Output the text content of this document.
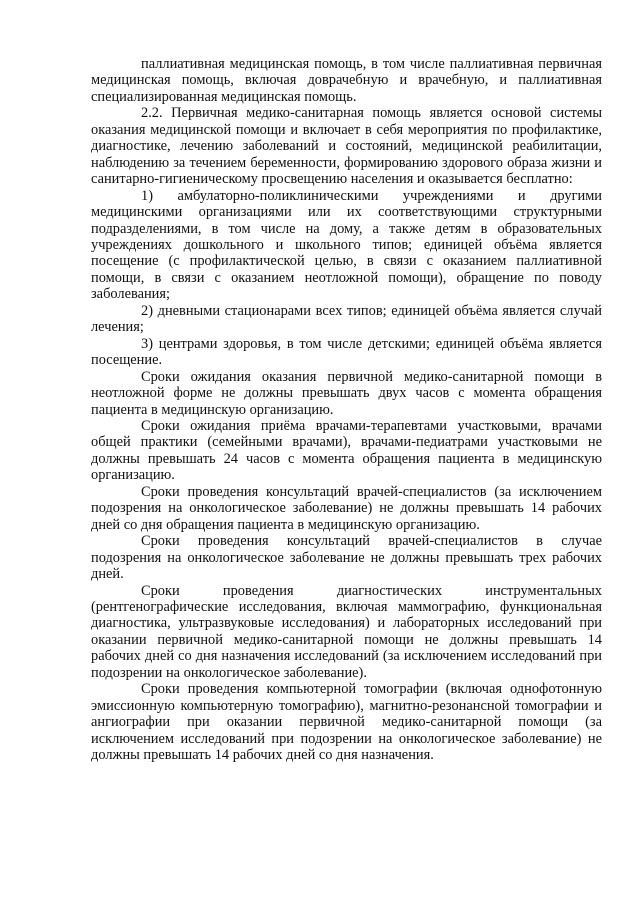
паллиативная медицинская помощь, в том числе паллиативная первичная медицинская помощь, включая доврачебную и врачебную, и паллиативная специализированная медицинская помощь.

2.2. Первичная медико-санитарная помощь является основой системы оказания медицинской помощи и включает в себя мероприятия по профилактике, диагностике, лечению заболеваний и состояний, медицинской реабилитации, наблюдению за течением беременности, формированию здорового образа жизни и санитарно-гигиеническому просвещению населения и оказывается бесплатно:

1) амбулаторно-поликлиническими учреждениями и другими медицинскими организациями или их соответствующими структурными подразделениями, в том числе на дому, а также детям в образовательных учреждениях дошкольного и школьного типов; единицей объёма является посещение (с профилактической целью, в связи с оказанием паллиативной помощи, в связи с оказанием неотложной помощи), обращение по поводу заболевания;

2) дневными стационарами всех типов; единицей объёма является случай лечения;

3) центрами здоровья, в том числе детскими; единицей объёма является посещение.

Сроки ожидания оказания первичной медико-санитарной помощи в неотложной форме не должны превышать двух часов с момента обращения пациента в медицинскую организацию.

Сроки ожидания приёма врачами-терапевтами участковыми, врачами общей практики (семейными врачами), врачами-педиатрами участковыми не должны превышать 24 часов с момента обращения пациента в медицинскую организацию.

Сроки проведения консультаций врачей-специалистов (за исключением подозрения на онкологическое заболевание) не должны превышать 14 рабочих дней со дня обращения пациента в медицинскую организацию.

Сроки проведения консультаций врачей-специалистов в случае подозрения на онкологическое заболевание не должны превышать трех рабочих дней.

Сроки проведения диагностических инструментальных (рентгенографические исследования, включая маммографию, функциональная диагностика, ультразвуковые исследования) и лабораторных исследований при оказании первичной медико-санитарной помощи не должны превышать 14 рабочих дней со дня назначения исследований (за исключением исследований при подозрении на онкологическое заболевание).

Сроки проведения компьютерной томографии (включая однофотонную эмиссионную компьютерную томографию), магнитно-резонансной томографии и ангиографии при оказании первичной медико-санитарной помощи (за исключением исследований при подозрении на онкологическое заболевание) не должны превышать 14 рабочих дней со дня назначения.
